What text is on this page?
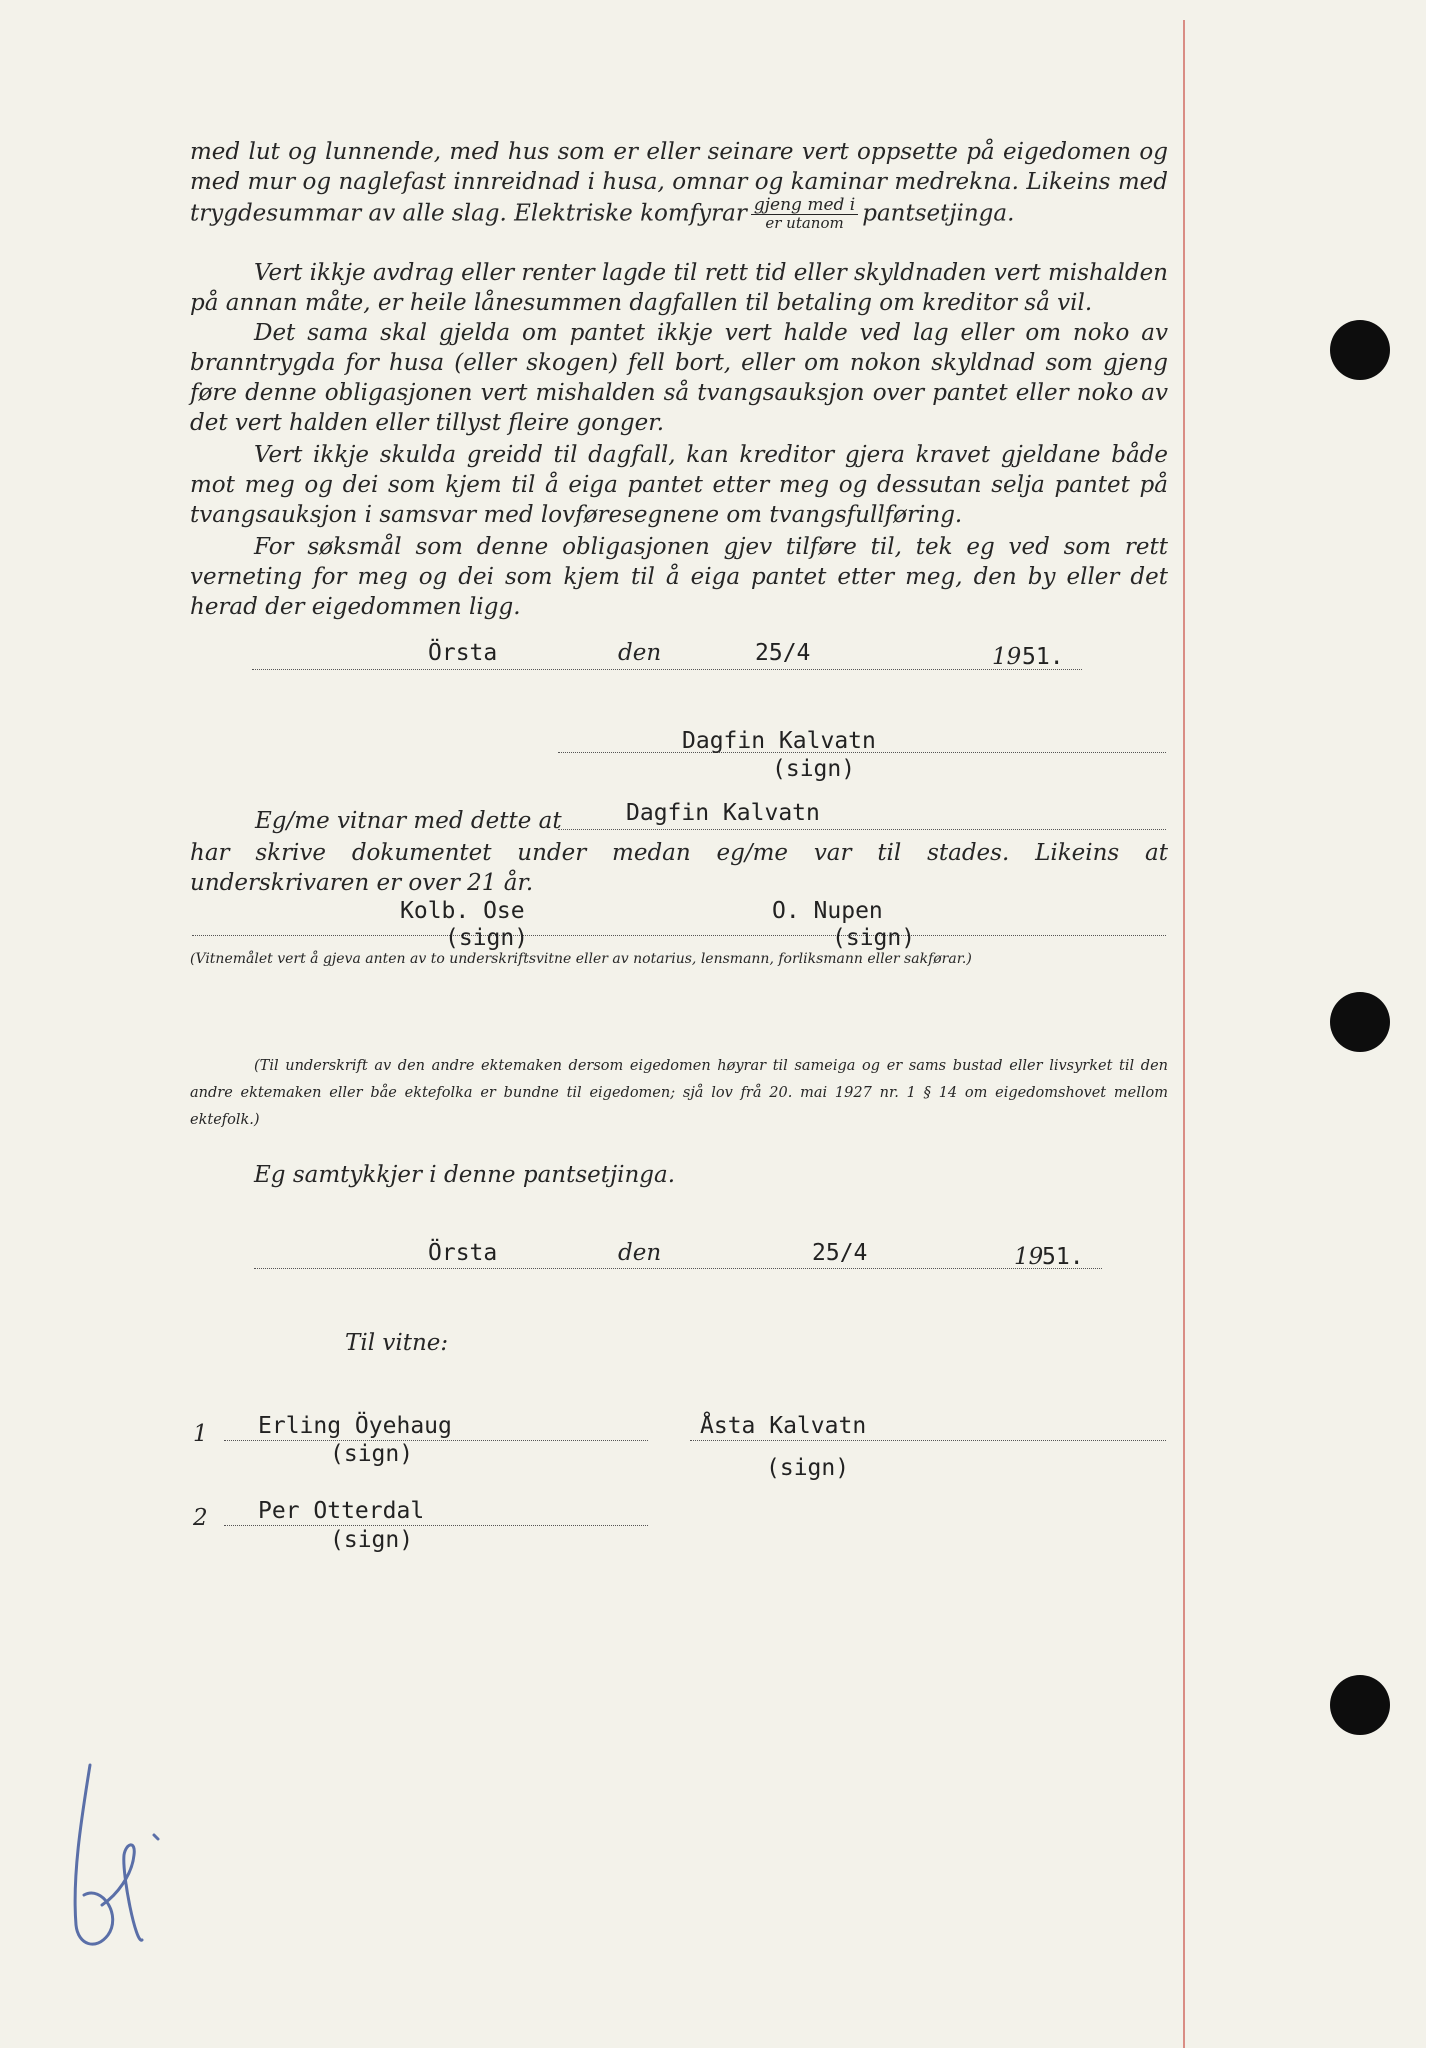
med lut og lunnende, med hus som er eller seinare vert oppsette på eigedomen og med mur og naglefast innreidnad i husa, omnar og kaminar medrekna. Likeins med trygdesummar av alle slag. Elektriske komfyrar $\frac{\text{gjeng med i}}{\text{er utanom}}$ pantsetjinga.

Vert ikkje avdrag eller renter lagde til rett tid eller skyldnaden vert mishalden på annan måte, er heile lånesummen dagfallen til betaling om kreditor så vil.

Det sama skal gjelda om pantet ikkje vert halde ved lag eller om noko av branntrygda for husa (eller skogen) fell bort, eller om nokon skyldnad som gjeng føre denne obligasjonen vert mishalden så tvangsauksjon over pantet eller noko av det vert halden eller tillyst fleire gonger.

Vert ikkje skulda greidd til dagfall, kan kreditor gjera kravet gjeldane både mot meg og dei som kjem til å eiga pantet etter meg og dessutan selja pantet på tvangsauksjon i samsvar med lovføresegnene om tvangsfullføring.

For søksmål som denne obligasjonen gjev tilføre til, tek eg ved som rett verneting for meg og dei som kjem til å eiga pantet etter meg, den by eller det herad der eigedommen ligg.

Örsta	den	25/4	19 51.
Dagfin Kalvatn
(sign)
Eg/me vitnar med dette at	Dagfin Kalvatn

har skrive dokumentet under medan eg/me var til stades. Likeins at underskrivaren er over 21 år.

Kolb. Ose
(sign)
O. Nupen
(sign)

(Vitnemålet vert å gjeva anten av to underskriftsvitne eller av notarius, lensmann, forliksmann eller sakførar.)

(Til underskrift av den andre ektemaken dersom eigedomen høyrar til sameiga og er sams bustad eller livsyrket til den andre ektemaken eller båe ektefolka er bundne til eigedomen; sjå lov frå 20. mai 1927 nr. 1 § 14 om eigedomshovet mellom ektefolk.)

Eg samtykkjer i denne pantsetjinga.
Örsta	den	25/4	19
51.
Til vitne:
1 Erling Öyehaug
(sign)
Åsta Kalvatn
(sign)
2 Per Otterdal
(sign)
